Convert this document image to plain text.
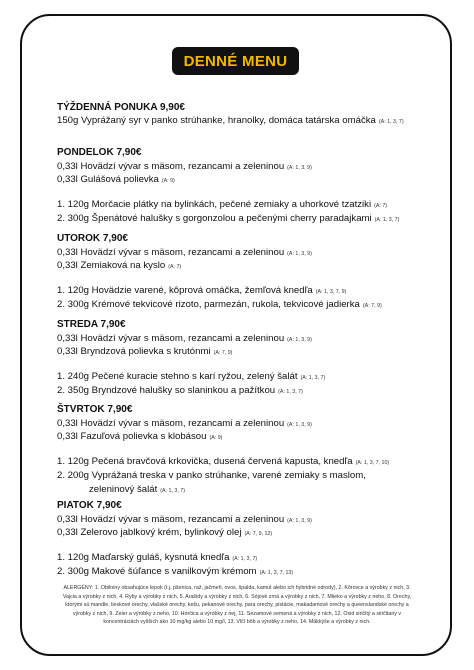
DENNÉ MENU
TÝŽDENNÁ PONUKA 9,90€
150g Vyprážaný syr v panko strúhanke, hranolky, domáca tatárska omáčka (A: 1, 3, 7)
PONDELOK 7,90€
0,33l Hovädzí vývar s mäsom, rezancami a zeleninou (A: 1, 3, 9)
0,33l Gulášová polievka (A: 9)
1. 120g Morčacie plátky na bylinkách, pečené zemiaky a uhorkové tzatziki (A: 7)
2. 300g Špenátové halušky s gorgonzolou a pečenými cherry paradajkami (A: 1, 3, 7)
UTOROK 7,90€
0,33l Hovädzí vývar s mäsom, rezancami a zeleninou (A: 1, 3, 9)
0,33l Zemiaková na kyslo (A: 7)
1. 120g Hovädzie varené, kôprová omáčka, žemľová knedľa (A: 1, 3, 7, 9)
2. 300g Krémové tekvicové rizoto, parmezán, rukola, tekvicové jadierka (A: 7, 9)
STREDA 7,90€
0,33l Hovädzí vývar s mäsom, rezancami a zeleninou (A: 1, 3, 9)
0,33l Bryndzová polievka s krutónmi (A: 7, 9)
1. 240g Pečené kuracie stehno s karí ryžou, zelený šalát (A: 1, 3, 7)
2. 350g Bryndzové halušky so slaninkou a pažítkou (A: 1, 3, 7)
ŠTVRTOK 7,90€
0,33l Hovädzí vývar s mäsom, rezancami a zeleninou (A: 1, 3, 9)
0,33l Fazuľová polievka s klobásou (A: 9)
1. 120g Pečená bravčová krkovička, dusená červená kapusta, knedľa (A: 1, 3, 7, 10)
2. 200g Vyprážaná treska v panko strúhanke, varené zemiaky s maslom,
zeleninový šalát (A: 1, 3, 7)
PIATOK 7,90€
0,33l Hovädzí vývar s mäsom, rezancami a zeleninou (A: 1, 3, 9)
0,33l Zelerovo jablkový krém, bylinkový olej (A: 7, 9, 12)
1. 120g Maďarský guláš, kysnutá knedľa (A: 1, 3, 7)
2. 300g Makové šúľance s vanilkovým krémom (A: 1, 3, 7, 13)
ALERGÉNY: 1. Obilniny obsahujúce lepok (t.j. pšenica, raž, jačmeň, ovos, špalda, kamut alebo ich hybridné odrody), 2. Kôrovce a výrobky z nich, 3. Vajcia a výrobky z nich, 4. Ryby a výrobky z nich, 5. Arašidy a výrobky z nich, 6. Sójové zrná a výrobky z nich, 7. Mlieko a výrobky z neho, 8. Orechy, ktorými sú mandle, lieskové orechy, vlašské orechy, kešu, pekanové orechy, para orechy, pistácie, makadamové orechy a queenslandské orechy a výrobky z nich, 9. Zeler a výrobky z neho, 10. Horčica a výrobky z nej, 11. Sezamové semená a výrobky z nich, 12. Oxid siričitý a siričitany v koncentráciách vyšších ako 10 mg/kg alebo 10 mg/l, 13. Vlčí bôb a výrobky z neho, 14. Mäkkýše a výrobky z nich.
